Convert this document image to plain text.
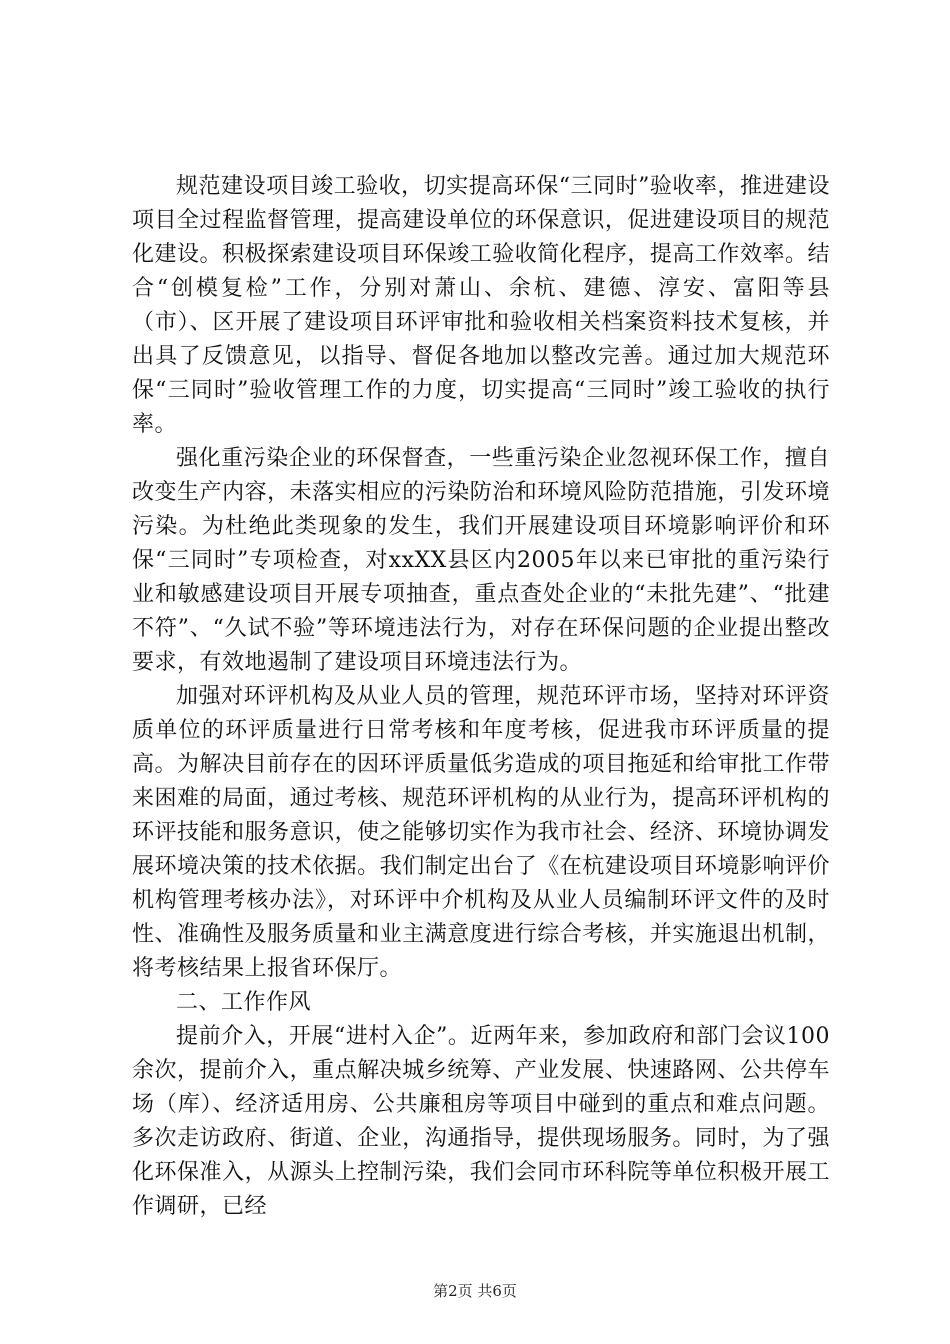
规范建设项目竣工验收，切实提高环保“三同时”验收率，推进建设项目全过程监督管理，提高建设单位的环保意识，促进建设项目的规范化建设。积极探索建设项目环保竣工验收简化程序，提高工作效率。结合“创模复检”工作，分别对萧山、余杭、建德、淳安、富阳等县（市）、区开展了建设项目环评审批和验收相关档案资料技术复核，并出具了反馈意见，以指导、督促各地加以整改完善。通过加大规范环保“三同时”验收管理工作的力度，切实提高“三同时”竣工验收的执行率。

强化重污染企业的环保督查，一些重污染企业忽视环保工作，擅自改变生产内容，未落实相应的污染防治和环境风险防范措施，引发环境污染。为杜绝此类现象的发生，我们开展建设项目环境影响评价和环保“三同时”专项检查，对xxXX县区内2005年以来已审批的重污染行业和敏感建设项目开展专项抽查，重点查处企业的“未批先建”、“批建不符”、“久试不验”等环境违法行为，对存在环保问题的企业提出整改要求，有效地遏制了建设项目环境违法行为。

加强对环评机构及从业人员的管理，规范环评市场，坚持对环评资质单位的环评质量进行日常考核和年度考核，促进我市环评质量的提高。为解决目前存在的因环评质量低劣造成的项目拖延和给审批工作带来困难的局面，通过考核、规范环评机构的从业行为，提高环评机构的环评技能和服务意识，使之能够切实作为我市社会、经济、环境协调发展环境决策的技术依据。我们制定出台了《在杭建设项目环境影响评价机构管理考核办法》，对环评中介机构及从业人员编制环评文件的及时性、准确性及服务质量和业主满意度进行综合考核，并实施退出机制，将考核结果上报省环保厅。

二、工作作风

提前介入，开展“进村入企”。近两年来，参加政府和部门会议100余次，提前介入，重点解决城乡统筹、产业发展、快速路网、公共停车场（库）、经济适用房、公共廉租房等项目中碰到的重点和难点问题。多次走访政府、街道、企业，沟通指导，提供现场服务。同时，为了强化环保准入，从源头上控制污染，我们会同市环科院等单位积极开展工作调研，已经

第2页 共6页
